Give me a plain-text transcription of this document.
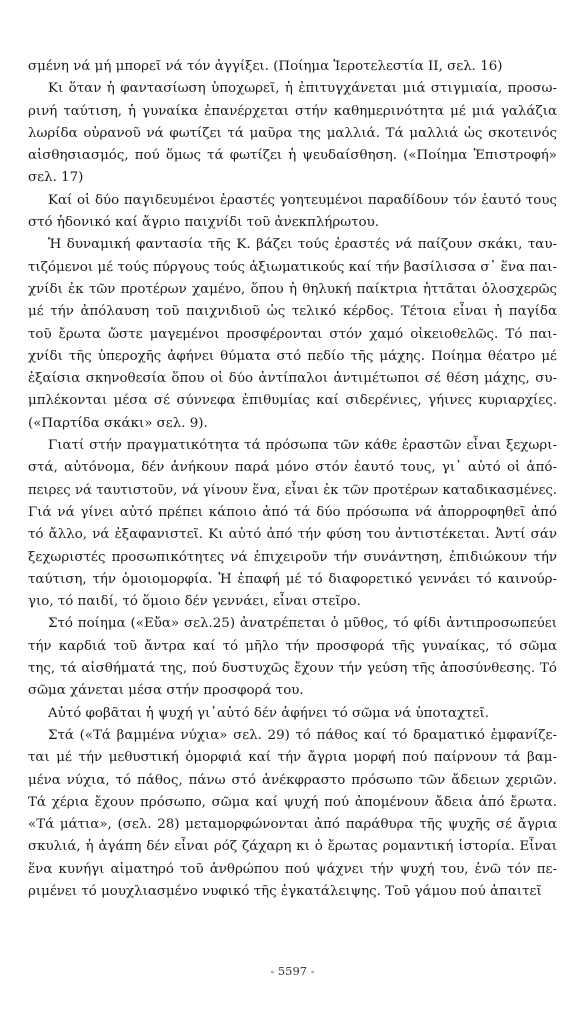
σμένη νά μή μπορεῖ νά τόν ἀγγίξει. (Ποίημα Ἱεροτελεστία ΙΙ, σελ. 16)
Κι ὅταν ἡ φαντασίωση ὑποχωρεῖ, ἡ ἐπιτυγχάνεται μιά στιγμιαία, προσω-
ρινή ταύτιση, ἡ γυναίκα ἐπανέρχεται στήν καθημερινότητα μέ μιά γαλάζια
λωρίδα οὐρανοῦ νά φωτίζει τά μαῦρα της μαλλιά. Τά μαλλιά ὡς σκοτεινός
αἰσθησιασμός, πού ὅμως τά φωτίζει ἡ ψευδαίσθηση. («Ποίημα Ἐπιστροφή»
σελ. 17)
Καί οἱ δύο παγιδευμένοι ἐραστές γοητευμένοι παραδίδουν τόν ἑαυτό τους
στό ἡδονικό καί ἄγριο παιχνίδι τοῦ ἀνεκπλήρωτου.
Ἡ δυναμική φαντασία τῆς Κ. βάζει τούς ἐραστές νά παίζουν σκάκι, ταυ-
τιζόμενοι μέ τούς πύργους τούς ἀξιωματικούς καί τήν βασίλισσα σ᾽ ἕνα παι-
χνίδι ἐκ τῶν προτέρων χαμένο, ὅπου ἡ θηλυκή παίκτρια ἡττᾶται ὁλοσχερῶς
μέ τήν ἀπόλαυση τοῦ παιχνιδιοῦ ὡς τελικό κέρδος. Τέτοια εἶναι ἡ παγίδα
τοῦ ἔρωτα ὥστε μαγεμένοι προσφέρονται στόν χαμό οἰκειοθελῶς. Τό παι-
χνίδι τῆς ὑπεροχῆς ἀφήνει θύματα στό πεδίο τῆς μάχης. Ποίημα θέατρο μέ
ἐξαίσια σκηνοθεσία ὅπου οἱ δύο ἀντίπαλοι ἀντιμέτωποι σέ θέση μάχης, συ-
μπλέκονται μέσα σέ σύννεφα ἐπιθυμίας καί σιδερένιες, γήινες κυριαρχίες.
(«Παρτίδα σκάκι» σελ. 9).
Γιατί στήν πραγματικότητα τά πρόσωπα τῶν κάθε ἐραστῶν εἶναι ξεχωρι-
στά, αὐτόνομα, δέν ἀνήκουν παρά μόνο στόν ἑαυτό τους, γι᾽ αὐτό οἱ ἀπό-
πειρες νά ταυτιστοῦν, νά γίνουν ἕνα, εἶναι ἐκ τῶν προτέρων καταδικασμένες.
Γιά νά γίνει αὐτό πρέπει κάποιο ἀπό τά δύο πρόσωπα νά ἀπορροφηθεῖ ἀπό
τό ἄλλο, νά ἐξαφανιστεῖ. Κι αὐτό ἀπό τήν φύση του ἀντιστέκεται. Ἀντί σάν
ξεχωριστές προσωπικότητες νά ἐπιχειροῦν τήν συνάντηση, ἐπιδιώκουν τήν
ταύτιση, τήν ὁμοιομορφία. Ἡ ἐπαφή μέ τό διαφορετικό γεννάει τό καινούρ-
γιο, τό παιδί, τό ὅμοιο δέν γεννάει, εἶναι στεῖρο.
Στό ποίημα («Εὔα» σελ.25) ἀνατρέπεται ὁ μῦθος, τό φίδι ἀντιπροσωπεύει
τήν καρδιά τοῦ ἄντρα καί τό μῆλο τήν προσφορά τῆς γυναίκας, τό σῶμα
της, τά αἰσθήματά της, πού δυστυχῶς ἔχουν τήν γεύση τῆς ἀποσύνθεσης. Τό
σῶμα χάνεται μέσα στήν προσφορά του.
Αὐτό φοβᾶται ἡ ψυχή γι᾽αὐτό δέν ἀφήνει τό σῶμα νά ὑποταχτεῖ.
Στά («Τά βαμμένα νύχια» σελ. 29) τό πάθος καί τό δραματικό ἐμφανίζε-
ται μέ τήν μεθυστική ὀμορφιά καί τήν ἄγρια μορφή πού παίρνουν τά βαμ-
μένα νύχια, τό πάθος, πάνω στό ἀνέκφραστο πρόσωπο τῶν ἄδειων χεριῶν.
Τά χέρια ἔχουν πρόσωπο, σῶμα καί ψυχή πού ἀπομένουν ἄδεια ἀπό ἔρωτα.
«Τά μάτια», (σελ. 28) μεταμορφώνονται ἀπό παράθυρα τῆς ψυχῆς σέ ἄγρια
σκυλιά, ἡ ἀγάπη δέν εἶναι ρόζ ζάχαρη κι ὁ ἔρωτας ρομαντική ἱστορία. Εἶναι
ἕνα κυνήγι αἱματηρό τοῦ ἀνθρώπου πού ψάχνει τήν ψυχή του, ἐνῶ τόν πε-
ριμένει τό μουχλιασμένο νυφικό τῆς ἐγκατάλειψης. Τοῦ γάμου πού ἀπαιτεῖ
- 5597 -
